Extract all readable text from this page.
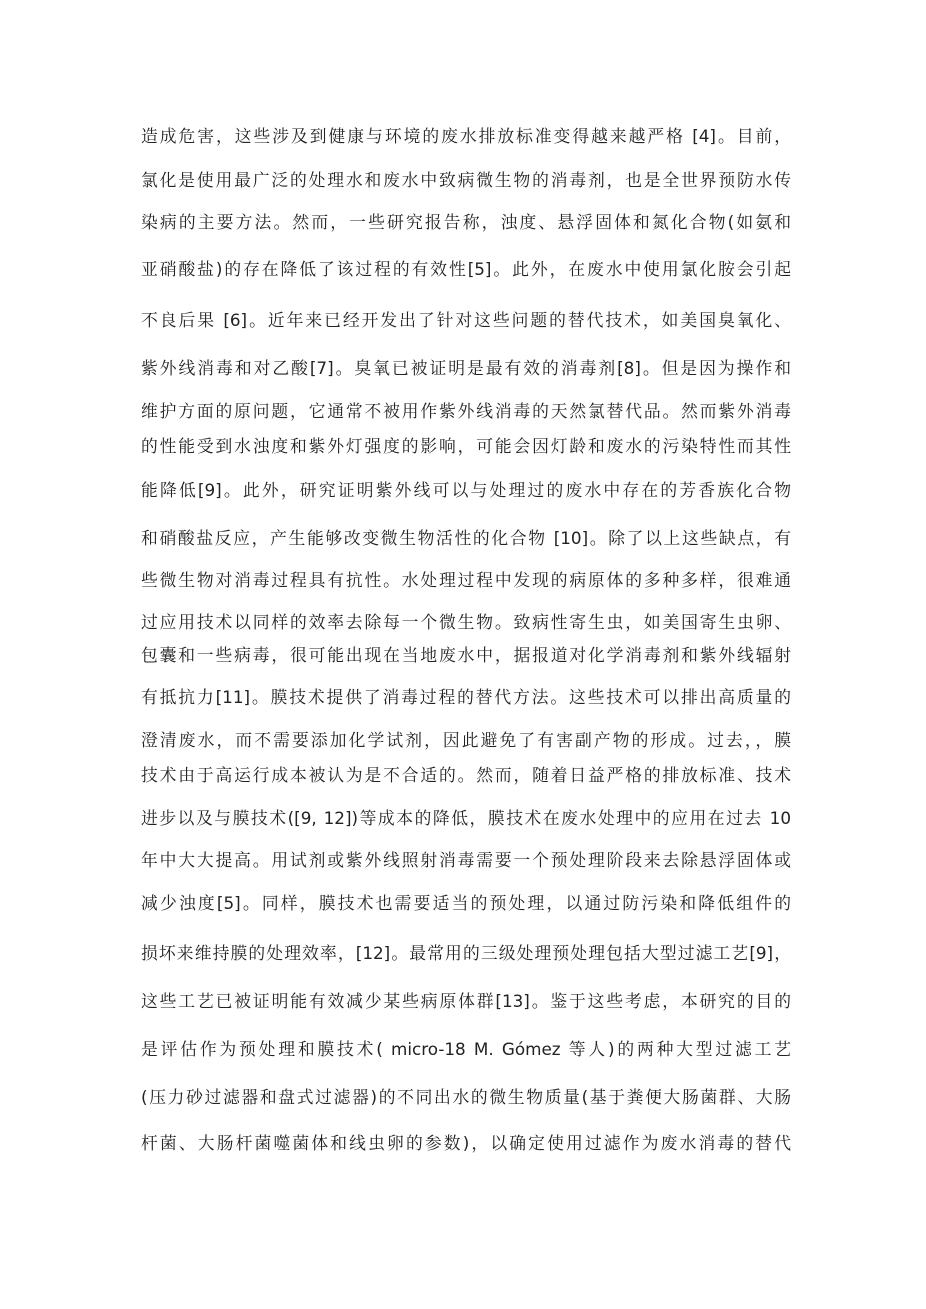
造成危害，这些涉及到健康与环境的废水排放标准变得越来越严格 [4]。目前，
氯化是使用最广泛的处理水和废水中致病微生物的消毒剂，也是全世界预防水传
染病的主要方法。然而，一些研究报告称，浊度、悬浮固体和氮化合物(如氨和
亚硝酸盐)的存在降低了该过程的有效性[5]。此外，在废水中使用氯化胺会引起
不良后果 [6]。近年来已经开发出了针对这些问题的替代技术，如美国臭氧化、
紫外线消毒和对乙酸[7]。臭氧已被证明是最有效的消毒剂[8]。但是因为操作和
维护方面的原问题，它通常不被用作紫外线消毒的天然氯替代品。然而紫外消毒
的性能受到水浊度和紫外灯强度的影响，可能会因灯龄和废水的污染特性而其性
能降低[9]。此外，研究证明紫外线可以与处理过的废水中存在的芳香族化合物
和硝酸盐反应，产生能够改变微生物活性的化合物 [10]。除了以上这些缺点，有
些微生物对消毒过程具有抗性。水处理过程中发现的病原体的多种多样，很难通
过应用技术以同样的效率去除每一个微生物。致病性寄生虫，如美国寄生虫卵、
包囊和一些病毒，很可能出现在当地废水中，据报道对化学消毒剂和紫外线辐射
有抵抗力[11]。膜技术提供了消毒过程的替代方法。这些技术可以排出高质量的
澄清废水，而不需要添加化学试剂，因此避免了有害副产物的形成。过去，，膜
技术由于高运行成本被认为是不合适的。然而，随着日益严格的排放标准、技术
进步以及与膜技术([9, 12])等成本的降低，膜技术在废水处理中的应用在过去 10
年中大大提高。用试剂或紫外线照射消毒需要一个预处理阶段来去除悬浮固体或
减少浊度[5]。同样，膜技术也需要适当的预处理，以通过防污染和降低组件的
损坏来维持膜的处理效率，[12]。最常用的三级处理预处理包括大型过滤工艺[9]，
这些工艺已被证明能有效减少某些病原体群[13]。鉴于这些考虑，本研究的目的
是评估作为预处理和膜技术( micro-18 M. Gómez 等人)的两种大型过滤工艺
(压力砂过滤器和盘式过滤器)的不同出水的微生物质量(基于粪便大肠菌群、大肠
杆菌、大肠杆菌噬菌体和线虫卵的参数)，以确定使用过滤作为废水消毒的替代
